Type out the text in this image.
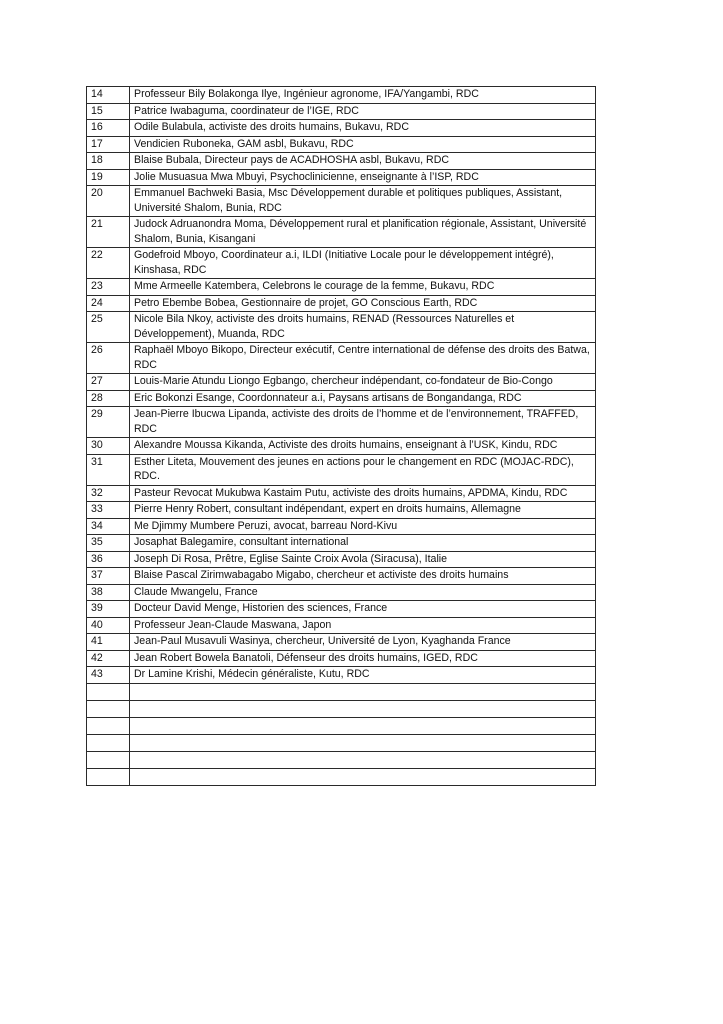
14	Professeur Bily Bolakonga Ilye, Ingénieur agronome, IFA/Yangambi, RDC
15	Patrice Iwabaguma, coordinateur de l’IGE, RDC
16	Odile Bulabula, activiste des droits humains, Bukavu, RDC
17	Vendicien Ruboneka, GAM asbl, Bukavu, RDC
18	Blaise Bubala, Directeur pays de ACADHOSHA asbl, Bukavu, RDC
19	Jolie Musuasua Mwa Mbuyi, Psychoclinicienne, enseignante à l’ISP, RDC
20	Emmanuel Bachweki Basia, Msc Développement durable et politiques publiques, Assistant, Université Shalom, Bunia, RDC
21	Judock Adruanondra Moma, Développement rural et planification régionale, Assistant, Université Shalom, Bunia, Kisangani
22	Godefroid Mboyo, Coordinateur a.i, ILDI (Initiative Locale pour le développement intégré), Kinshasa, RDC
23	Mme Armeelle Katembera, Celebrons le courage de la femme, Bukavu, RDC
24	Petro Ebembe Bobea, Gestionnaire de projet, GO Conscious Earth, RDC
25	Nicole Bila Nkoy, activiste des droits humains, RENAD (Ressources Naturelles et Développement), Muanda, RDC
26	Raphaël Mboyo Bikopo, Directeur exécutif, Centre international de défense des droits des Batwa, RDC
27	Louis-Marie Atundu Liongo Egbango, chercheur indépendant, co-fondateur de Bio-Congo
28	Eric Bokonzi Esange, Coordonnateur a.i, Paysans artisans de Bongandanga, RDC
29	Jean-Pierre Ibucwa Lipanda, activiste des droits de l’homme et de l’environnement, TRAFFED, RDC
30	Alexandre Moussa Kikanda, Activiste des droits humains, enseignant à l’USK, Kindu, RDC
31	Esther Liteta, Mouvement des jeunes en actions pour le changement en RDC (MOJAC-RDC), RDC.
32	Pasteur Revocat Mukubwa Kastaim Putu, activiste des droits humains, APDMA, Kindu, RDC
33	Pierre Henry Robert, consultant indépendant, expert en droits humains, Allemagne
34	Me Djimmy Mumbere Peruzi, avocat, barreau Nord-Kivu
35	Josaphat Balegamire, consultant international
36	Joseph Di Rosa, Prêtre, Eglise Sainte Croix Avola (Siracusa), Italie
37	Blaise Pascal Zirimwabagabo Migabo, chercheur et activiste des droits humains
38	Claude Mwangelu, France
39	Docteur David Menge, Historien des sciences, France
40	Professeur Jean-Claude Maswana, Japon
41	Jean-Paul Musavuli Wasinya, chercheur, Université de Lyon, Kyaghanda France
42	Jean Robert Bowela Banatoli, Défenseur des droits humains, IGED, RDC
43	Dr Lamine Krishi, Médecin généraliste, Kutu, RDC
